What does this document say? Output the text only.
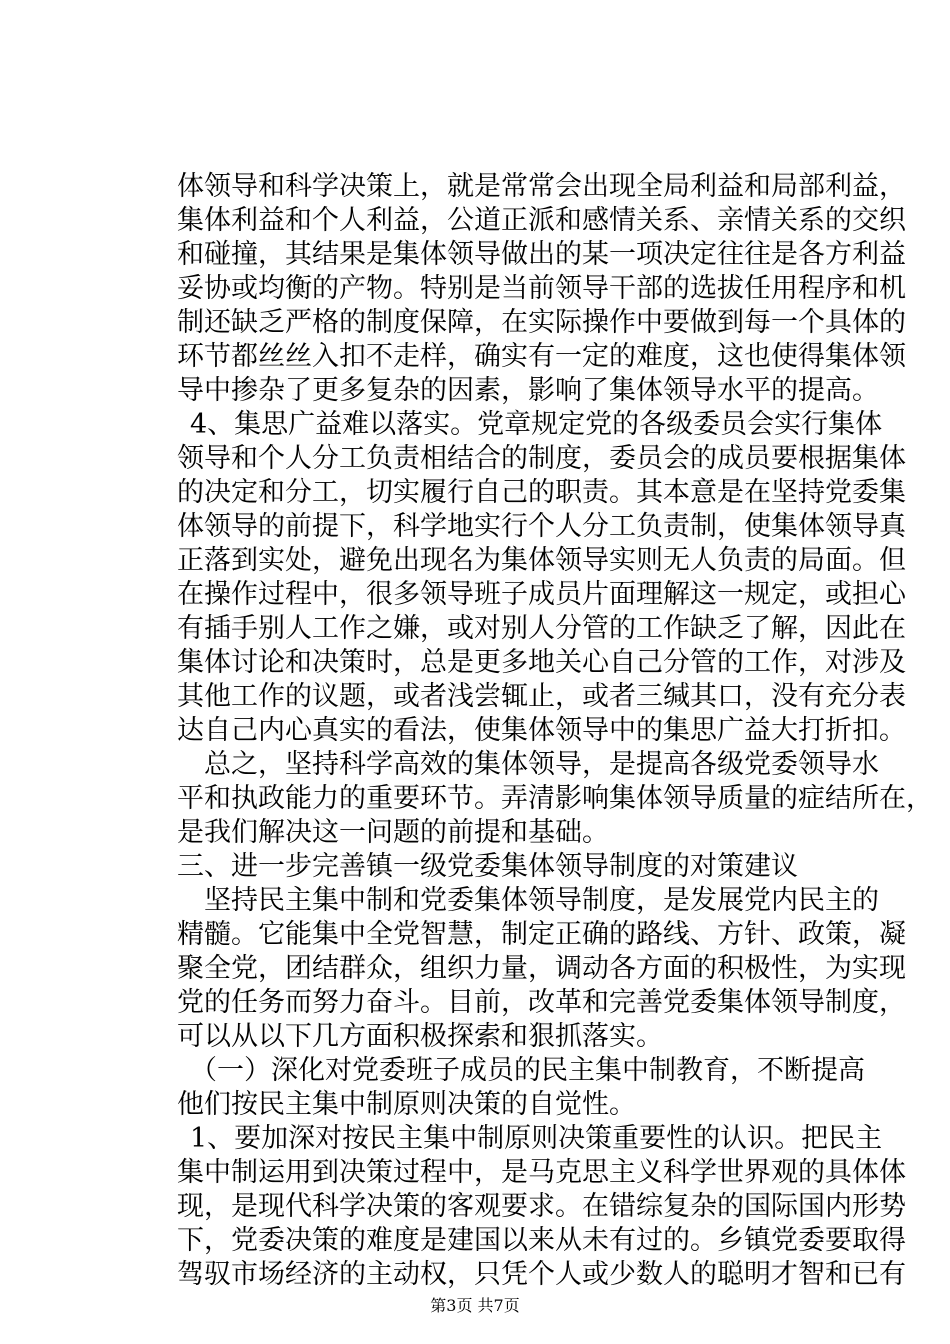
体领导和科学决策上，就是常常会出现全局利益和局部利益，
集体利益和个人利益，公道正派和感情关系、亲情关系的交织
和碰撞，其结果是集体领导做出的某一项决定往往是各方利益
妥协或均衡的产物。特别是当前领导干部的选拔任用程序和机
制还缺乏严格的制度保障，在实际操作中要做到每一个具体的
环节都丝丝入扣不走样，确实有一定的难度，这也使得集体领
导中掺杂了更多复杂的因素，影响了集体领导水平的提高。
4、集思广益难以落实。党章规定党的各级委员会实行集体
领导和个人分工负责相结合的制度，委员会的成员要根据集体
的决定和分工，切实履行自己的职责。其本意是在坚持党委集
体领导的前提下，科学地实行个人分工负责制，使集体领导真
正落到实处，避免出现名为集体领导实则无人负责的局面。但
在操作过程中，很多领导班子成员片面理解这一规定，或担心
有插手别人工作之嫌，或对别人分管的工作缺乏了解，因此在
集体讨论和决策时，总是更多地关心自己分管的工作，对涉及
其他工作的议题，或者浅尝辄止，或者三缄其口，没有充分表
达自己内心真实的看法，使集体领导中的集思广益大打折扣。
总之，坚持科学高效的集体领导，是提高各级党委领导水
平和执政能力的重要环节。弄清影响集体领导质量的症结所在，
是我们解决这一问题的前提和基础。
三、进一步完善镇一级党委集体领导制度的对策建议
坚持民主集中制和党委集体领导制度，是发展党内民主的
精髓。它能集中全党智慧，制定正确的路线、方针、政策，凝
聚全党，团结群众，组织力量，调动各方面的积极性，为实现
党的任务而努力奋斗。目前，改革和完善党委集体领导制度，
可以从以下几方面积极探索和狠抓落实。
（一）深化对党委班子成员的民主集中制教育，不断提高
他们按民主集中制原则决策的自觉性。
1、要加深对按民主集中制原则决策重要性的认识。把民主
集中制运用到决策过程中，是马克思主义科学世界观的具体体
现，是现代科学决策的客观要求。在错综复杂的国际国内形势
下，党委决策的难度是建国以来从未有过的。乡镇党委要取得
驾驭市场经济的主动权，只凭个人或少数人的聪明才智和已有
第3页 共7页
